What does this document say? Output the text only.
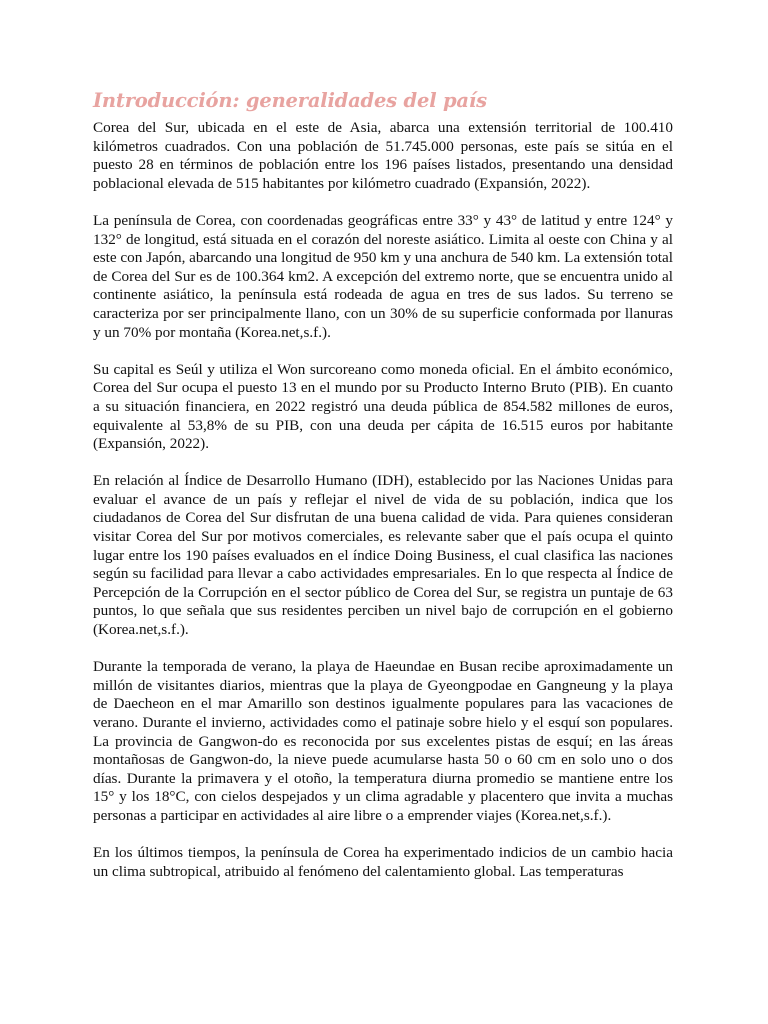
Introducción: generalidades del país

Corea del Sur, ubicada en el este de Asia, abarca una extensión territorial de 100.410 kilómetros cuadrados. Con una población de 51.745.000 personas, este país se sitúa en el puesto 28 en términos de población entre los 196 países listados, presentando una densidad poblacional elevada de 515 habitantes por kilómetro cuadrado (Expansión, 2022).

La península de Corea, con coordenadas geográficas entre 33° y 43° de latitud y entre 124° y 132° de longitud, está situada en el corazón del noreste asiático. Limita al oeste con China y al este con Japón, abarcando una longitud de 950 km y una anchura de 540 km. La extensión total de Corea del Sur es de 100.364 km2. A excepción del extremo norte, que se encuentra unido al continente asiático, la península está rodeada de agua en tres de sus lados. Su terreno se caracteriza por ser principalmente llano, con un 30% de su superficie conformada por llanuras y un 70% por montaña (Korea.net,s.f.).

Su capital es Seúl y utiliza el Won surcoreano como moneda oficial. En el ámbito económico, Corea del Sur ocupa el puesto 13 en el mundo por su Producto Interno Bruto (PIB). En cuanto a su situación financiera, en 2022 registró una deuda pública de 854.582 millones de euros, equivalente al 53,8% de su PIB, con una deuda per cápita de 16.515 euros por habitante (Expansión, 2022).

En relación al Índice de Desarrollo Humano (IDH), establecido por las Naciones Unidas para evaluar el avance de un país y reflejar el nivel de vida de su población, indica que los ciudadanos de Corea del Sur disfrutan de una buena calidad de vida. Para quienes consideran visitar Corea del Sur por motivos comerciales, es relevante saber que el país ocupa el quinto lugar entre los 190 países evaluados en el índice Doing Business, el cual clasifica las naciones según su facilidad para llevar a cabo actividades empresariales. En lo que respecta al Índice de Percepción de la Corrupción en el sector público de Corea del Sur, se registra un puntaje de 63 puntos, lo que señala que sus residentes perciben un nivel bajo de corrupción en el gobierno (Korea.net,s.f.).

Durante la temporada de verano, la playa de Haeundae en Busan recibe aproximadamente un millón de visitantes diarios, mientras que la playa de Gyeongpodae en Gangneung y la playa de Daecheon en el mar Amarillo son destinos igualmente populares para las vacaciones de verano. Durante el invierno, actividades como el patinaje sobre hielo y el esquí son populares. La provincia de Gangwon-do es reconocida por sus excelentes pistas de esquí; en las áreas montañosas de Gangwon-do, la nieve puede acumularse hasta 50 o 60 cm en solo uno o dos días. Durante la primavera y el otoño, la temperatura diurna promedio se mantiene entre los 15° y los 18°C, con cielos despejados y un clima agradable y placentero que invita a muchas personas a participar en actividades al aire libre o a emprender viajes (Korea.net,s.f.).

En los últimos tiempos, la península de Corea ha experimentado indicios de un cambio hacia un clima subtropical, atribuido al fenómeno del calentamiento global. Las temperaturas
